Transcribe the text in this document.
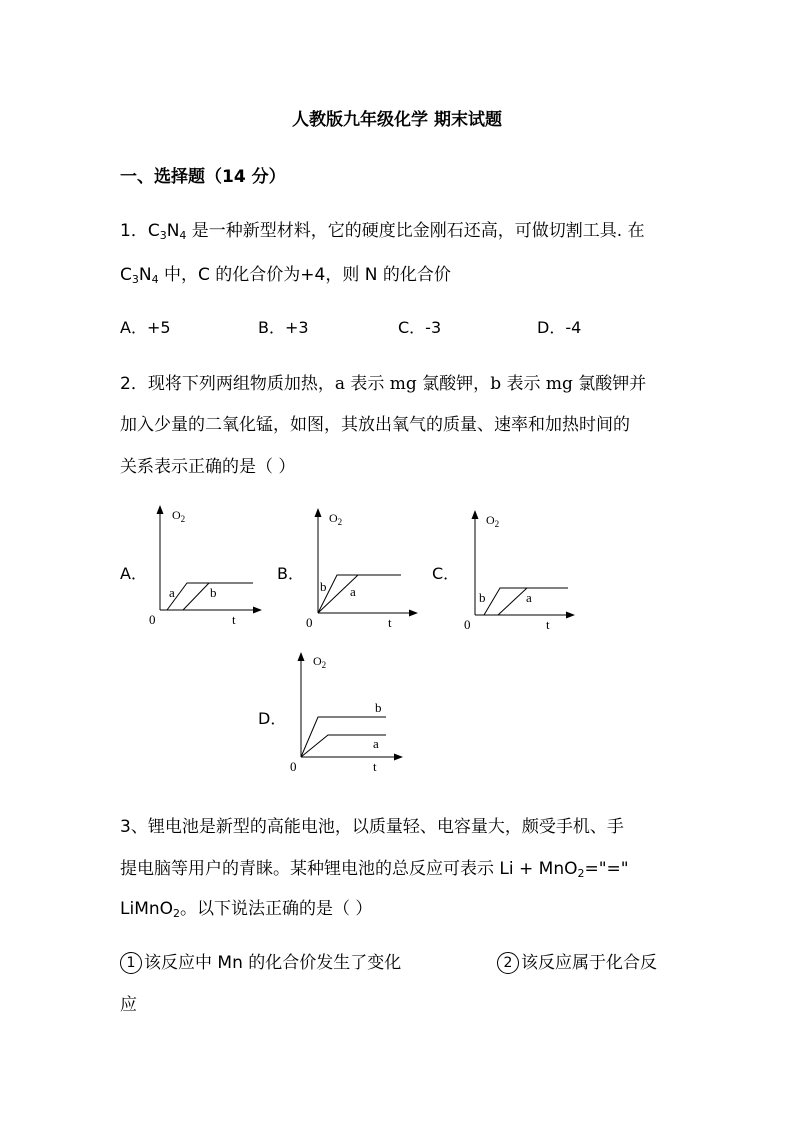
人教版九年级化学 期末试题
一、选择题（14 分）
1．$C_3N_4$ 是一种新型材料，它的硬度比金刚石还高，可做切割工具. 在
$C_3N_4$ 中，C 的化合价为+4，则 N 的化合价
A．+5	B．+3	C．-3	D．-4
2．现将下列两组物质加热，a 表示 mg 氯酸钾，b 表示 mg 氯酸钾并
加入少量的二氧化锰，如图，其放出氧气的质量、速率和加热时间的
关系表示正确的是（ ）
A．	B．	C．
D．
$O_2$
t
0
a	b
$O_2$
t
0
b a
$O_2$
t
0
b	a
$O_2$
t
0
b
a
3、锂电池是新型的高能电池，以质量轻、电容量大，颇受手机、手
提电脑等用户的青睐。某种锂电池的总反应可表示 Li + MnO$_2$="="
LiMnO$_2$。以下说法正确的是（ ）
1 该反应中 Mn 的化合价发生了变化	2 该反应属于化合反
应
